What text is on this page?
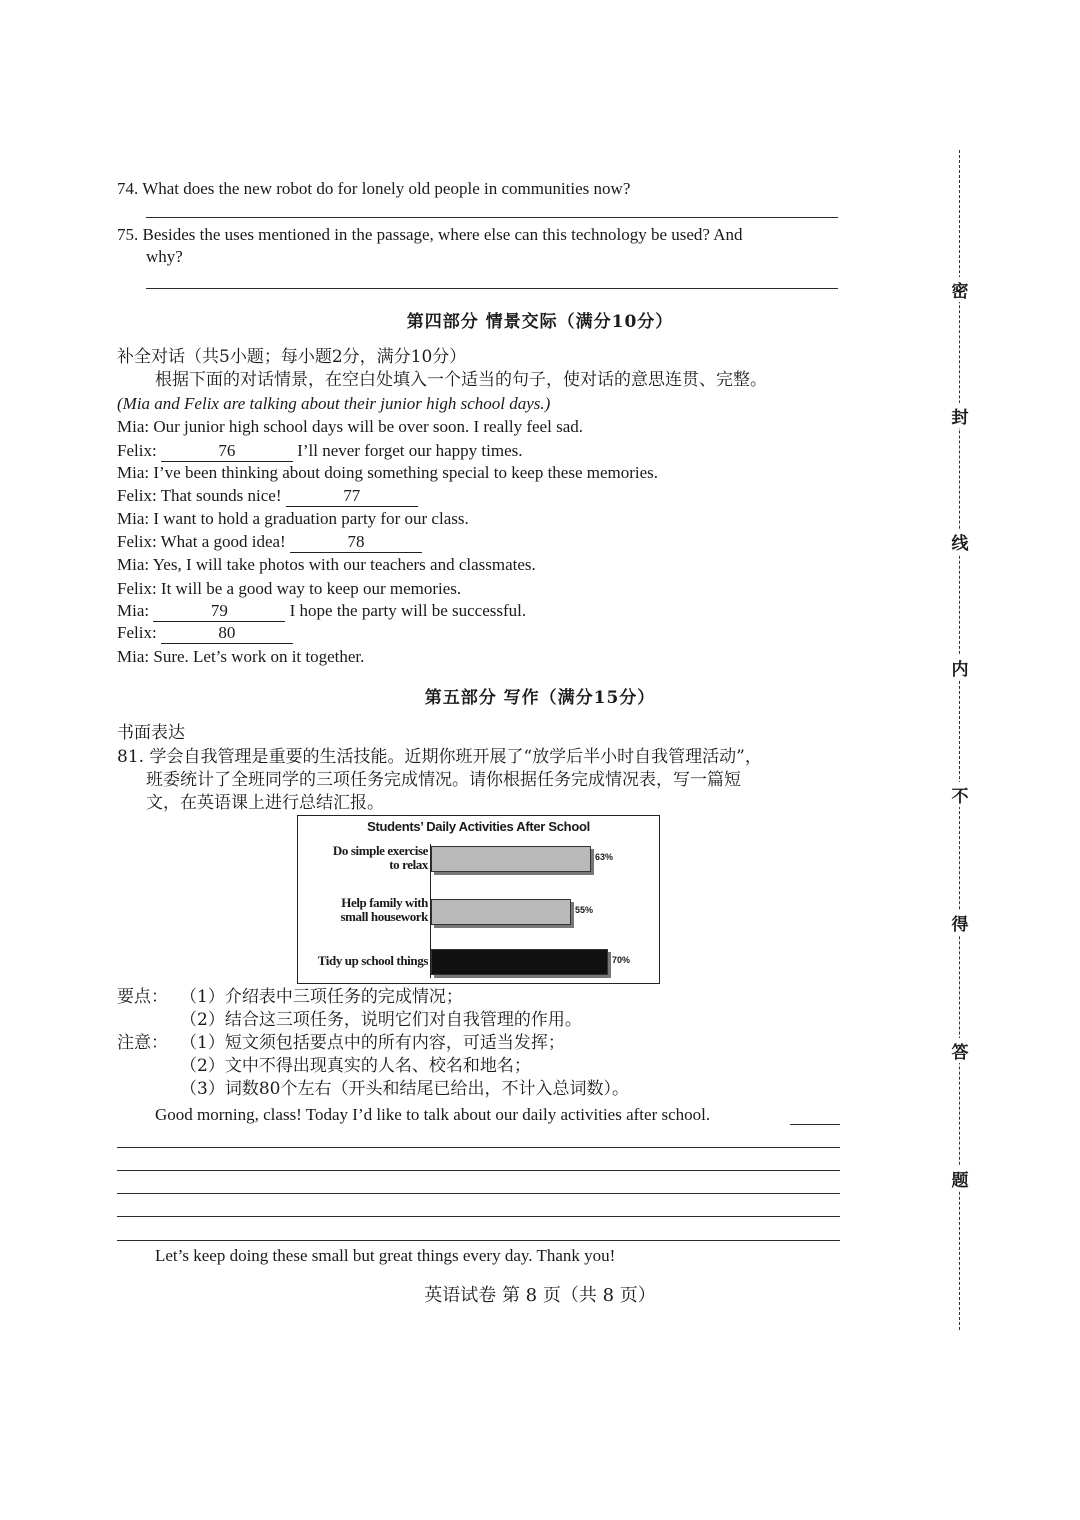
密
封
线
内
不
得
答
题
74. What does the new robot do for lonely old people in communities now?
75. Besides the uses mentioned in the passage, where else can this technology be used? And
why?
第四部分 情景交际（满分10分）
补全对话（共5小题；每小题2分，满分10分）
根据下面的对话情景，在空白处填入一个适当的句子，使对话的意思连贯、完整。
(Mia and Felix are talking about their junior high school days.)
Mia: Our junior high school days will be over soon. I really feel sad.
Felix:	76	I’ll never forget our happy times.
Mia: I’ve been thinking about doing something special to keep these memories.
Felix: That sounds nice!	77
Mia: I want to hold a graduation party for our class.
Felix: What a good idea!	78
Mia: Yes, I will take photos with our teachers and classmates.
Felix: It will be a good way to keep our memories.
Mia:	79	I hope the party will be successful.
Felix:	80
Mia: Sure. Let’s work on it together.
第五部分 写作（满分15分）
书面表达
81. 学会自我管理是重要的生活技能。近期你班开展了“放学后半小时自我管理活动”，
班委统计了全班同学的三项任务完成情况。请你根据任务完成情况表，写一篇短
文，在英语课上进行总结汇报。
Students’ Daily Activities After School
Do simple exercise
to relax	63%
Help family with
small housework	55%
Tidy up school things	70%
要点： （1）介绍表中三项任务的完成情况；
（2）结合这三项任务，说明它们对自我管理的作用。
注意： （1）短文须包括要点中的所有内容，可适当发挥；
（2）文中不得出现真实的人名、校名和地名；
（3）词数80个左右（开头和结尾已给出，不计入总词数）。
Good morning, class! Today I’d like to talk about our daily activities after school.
Let’s keep doing these small but great things every day. Thank you!
英语试卷 第 8 页（共 8 页）
